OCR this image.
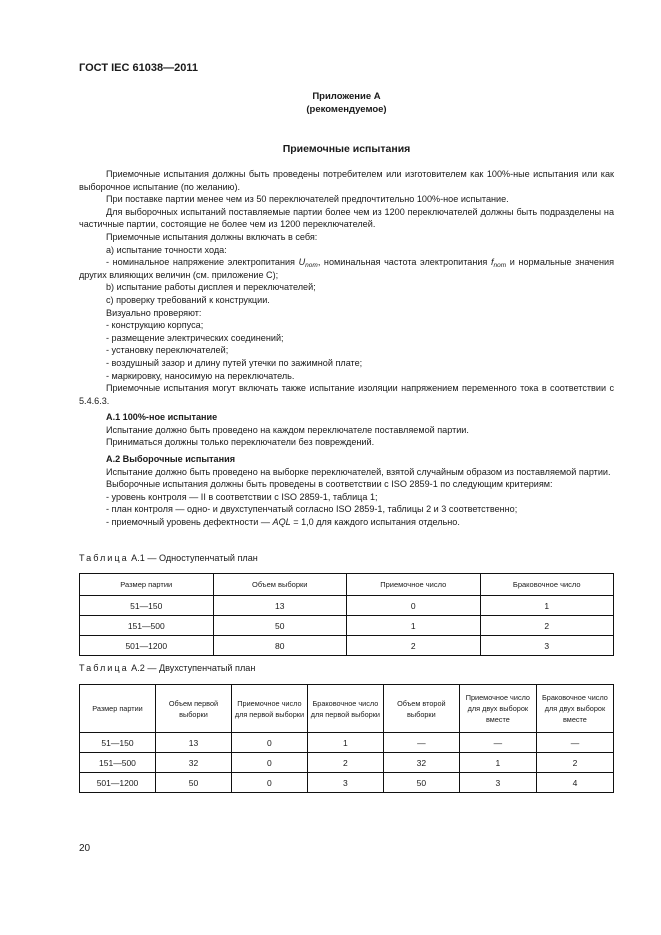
ГОСТ IEC 61038—2011
Приложение А
(рекомендуемое)
Приемочные испытания

Приемочные испытания должны быть проведены потребителем или изготовителем как 100%-ные испытания или как выборочное испытание (по желанию).

При поставке партии менее чем из 50 переключателей предпочтительно 100%-ное испытание.

Для выборочных испытаний поставляемые партии более чем из 1200 переключателей должны быть подразделены на частичные партии, состоящие не более чем из 1200 переключателей.

Приемочные испытания должны включать в себя:

а) испытание точности хода:

- номинальное напряжение электропитания $U_{nom}$, номинальная частота электропитания $f_{nom}$ и нормальные значения других влияющих величин (см. приложение С);

b) испытание работы дисплея и переключателей;

с) проверку требований к конструкции.

Визуально проверяют:

- конструкцию корпуса;

- размещение электрических соединений;

- установку переключателей;

- воздушный зазор и длину путей утечки по зажимной плате;

- маркировку, наносимую на переключатель.

Приемочные испытания могут включать также испытание изоляции напряжением переменного тока в соответствии с 5.4.6.3.

А.1 100%-ное испытание

Испытание должно быть проведено на каждом переключателе поставляемой партии.

Приниматься должны только переключатели без повреждений.

А.2 Выборочные испытания

Испытание должно быть проведено на выборке переключателей, взятой случайным образом из поставляемой партии.

Выборочные испытания должны быть проведены в соответствии с ISO 2859-1 по следующим критериям:

- уровень контроля — II в соответствии с ISO 2859-1, таблица 1;

- план контроля — одно- и двухступенчатый согласно ISO 2859-1, таблицы 2 и 3 соответственно;

- приемочный уровень дефектности — AQL = 1,0 для каждого испытания отдельно.

Таблица А.1 — Одноступенчатый план
Размер партии	Объем выборки	Приемочное число	Браковочное число
51—150	13	0	1
151—500	50	1	2
501—1200	80	2	3
Таблица А.2 — Двухступенчатый план
Размер партии	Объем первой выборки	Приемочное число для первой выборки	Браковочное число для первой выборки	Объем второй выборки	Приемочное число для двух выборок вместе	Браковочное число для двух выборок вместе
51—150	13	0	1	—	—	—
151—500	32	0	2	32	1	2
501—1200	50	0	3	50	3	4
20
